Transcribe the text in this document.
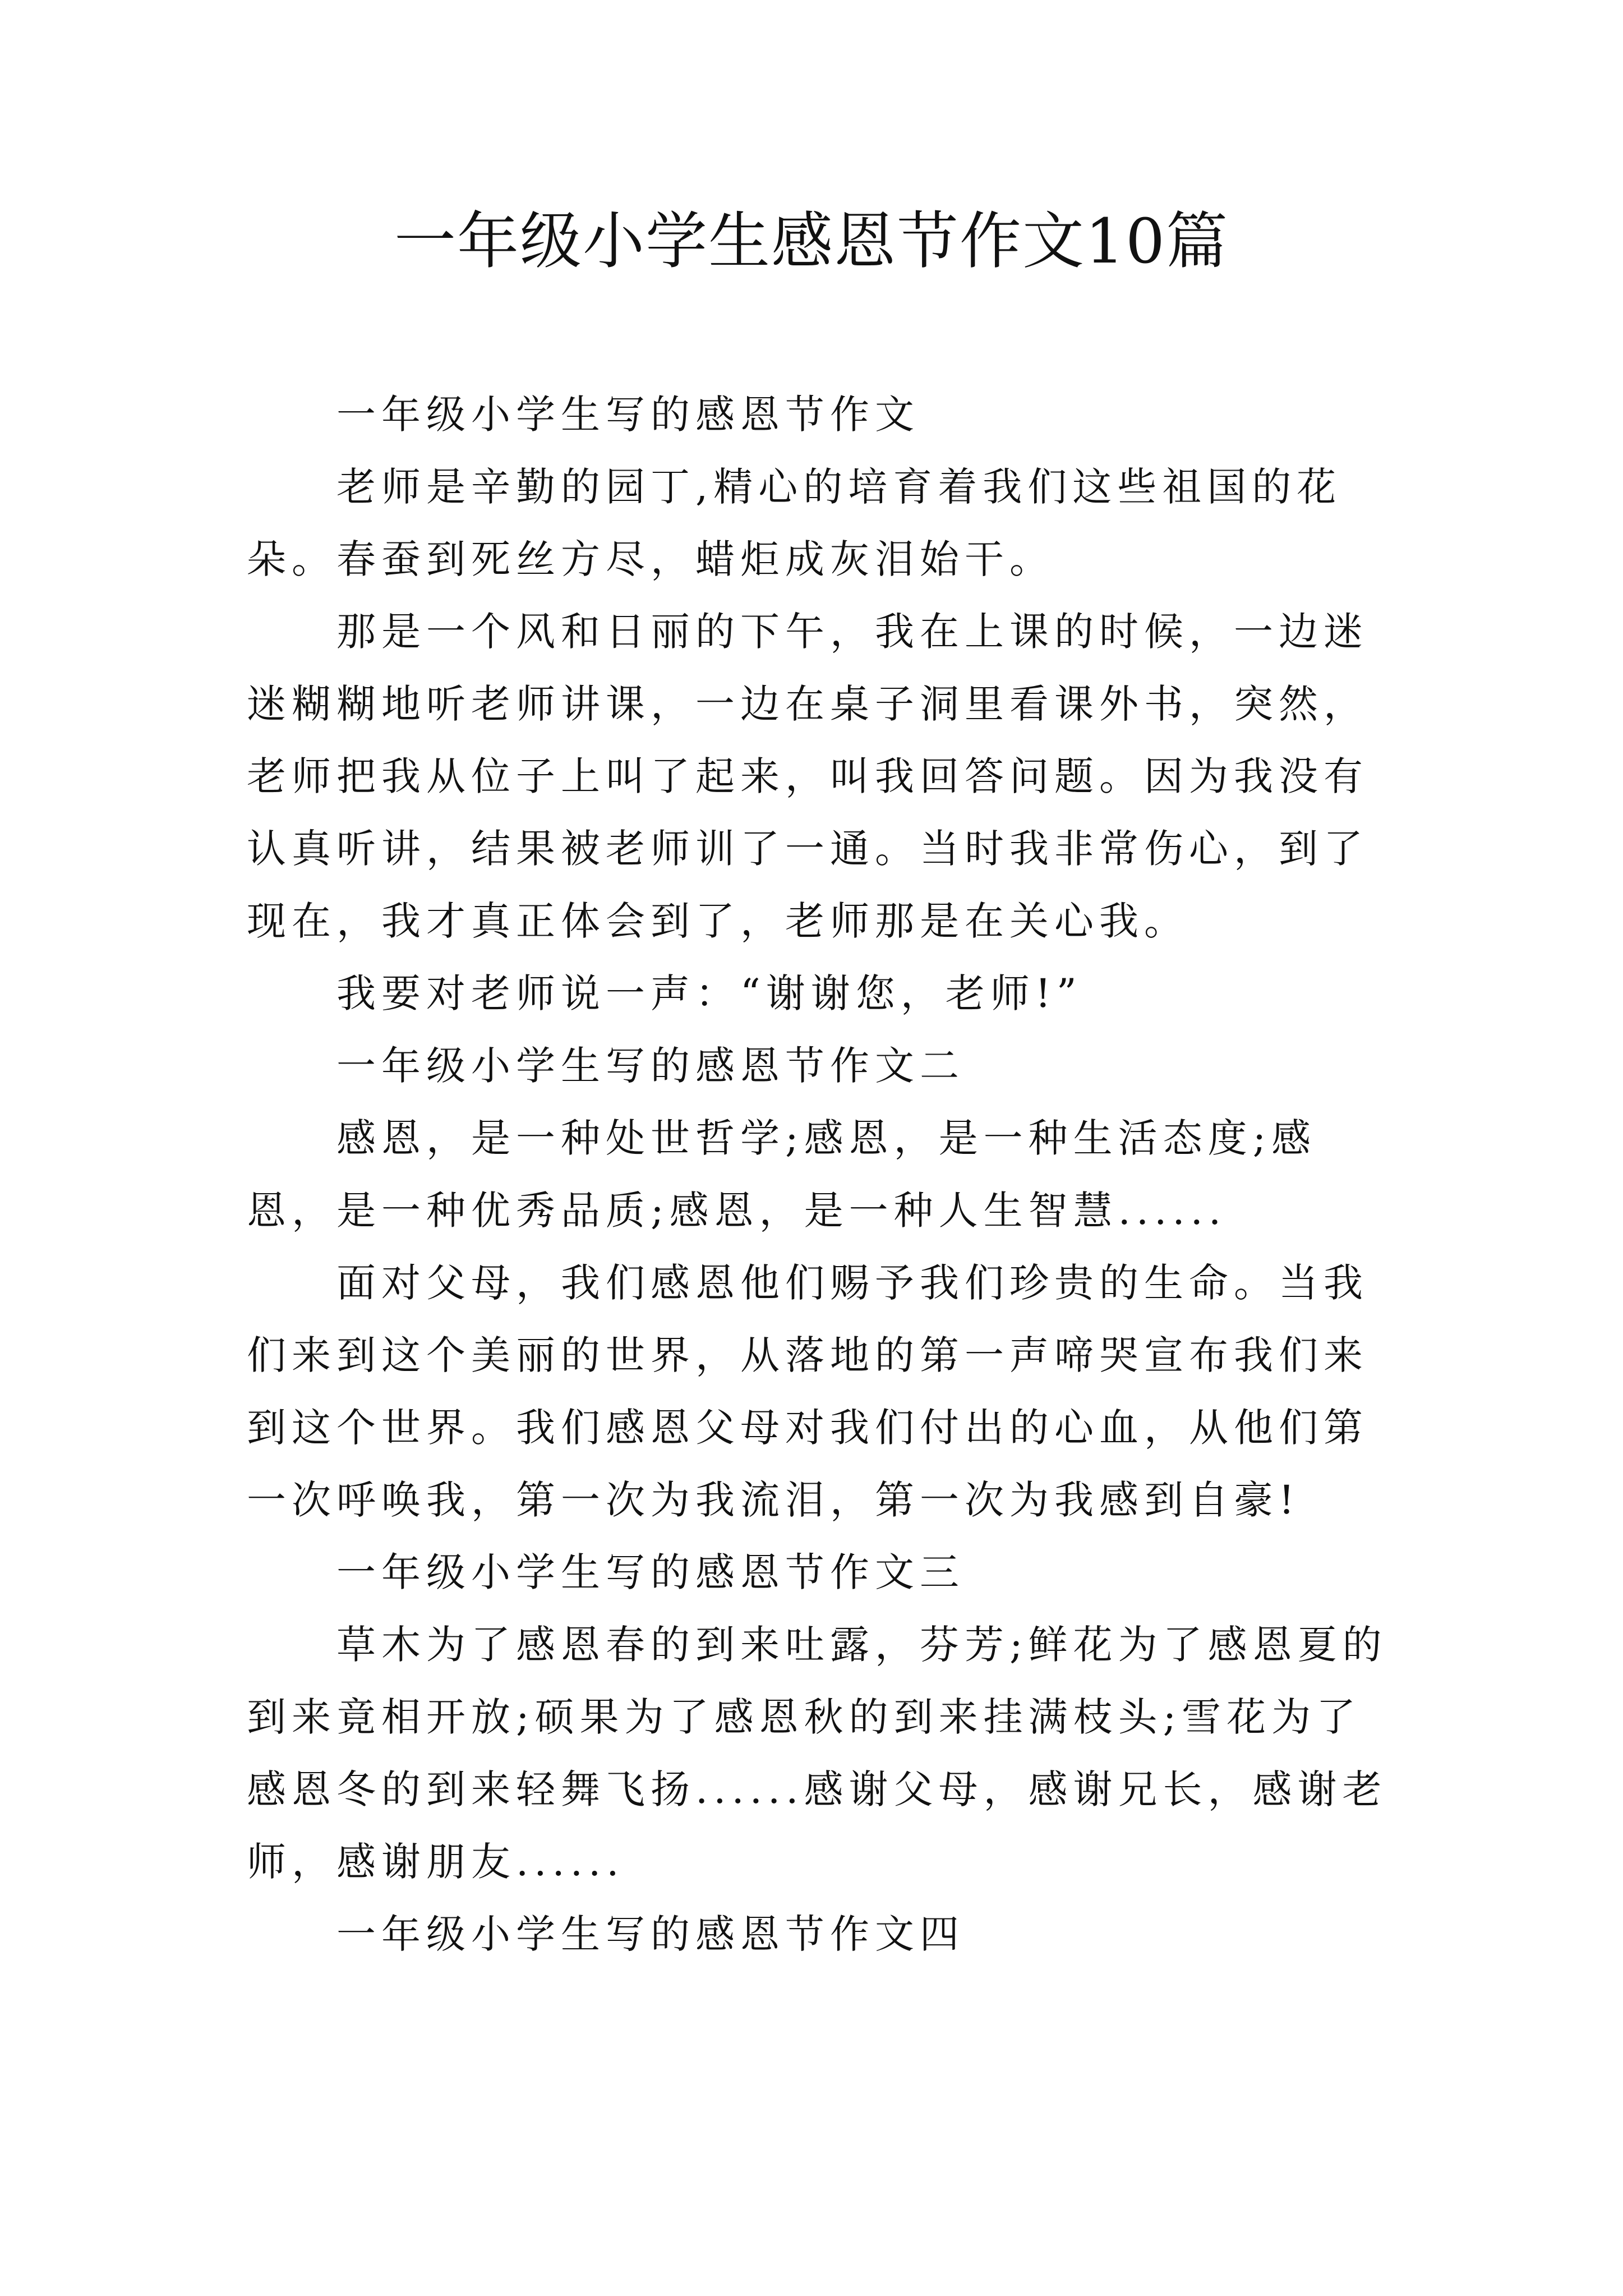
一年级小学生感恩节作文10篇

一年级小学生写的感恩节作文

老师是辛勤的园丁,精心的培育着我们这些祖国的花朵。春蚕到死丝方尽，蜡炬成灰泪始干。

那是一个风和日丽的下午，我在上课的时候，一边迷迷糊糊地听老师讲课，一边在桌子洞里看课外书，突然，老师把我从位子上叫了起来，叫我回答问题。因为我没有认真听讲，结果被老师训了一通。当时我非常伤心，到了现在，我才真正体会到了，老师那是在关心我。

我要对老师说一声：“谢谢您，老师!”

一年级小学生写的感恩节作文二

感恩，是一种处世哲学;感恩，是一种生活态度;感恩，是一种优秀品质;感恩，是一种人生智慧......

面对父母，我们感恩他们赐予我们珍贵的生命。当我们来到这个美丽的世界，从落地的第一声啼哭宣布我们来到这个世界。我们感恩父母对我们付出的心血，从他们第一次呼唤我，第一次为我流泪，第一次为我感到自豪!

一年级小学生写的感恩节作文三

草木为了感恩春的到来吐露，芬芳;鲜花为了感恩夏的到来竟相开放;硕果为了感恩秋的到来挂满枝头;雪花为了感恩冬的到来轻舞飞扬......感谢父母，感谢兄长，感谢老师，感谢朋友......

一年级小学生写的感恩节作文四
